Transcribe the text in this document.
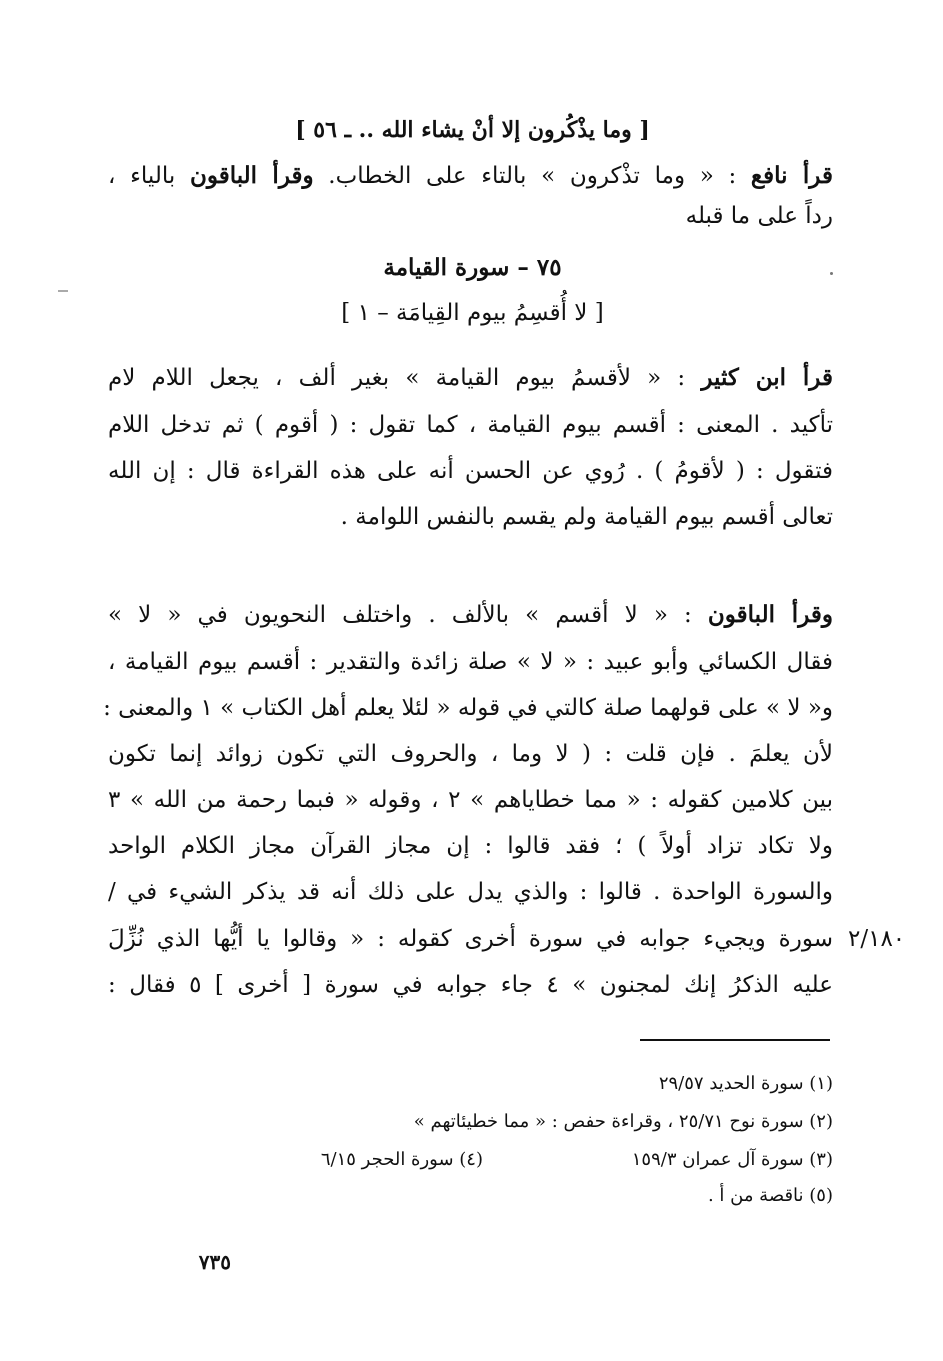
[ وما يذْكُرون إلا أنْ يشاء الله .. ـ ٥٦ ]
قرأ نافع : « وما تذْكرون » بالتاء على الخطاب. وقرأ الباقون بالياء ،
رداً على ما قبله
٧٥ – سورة القيامة
[ لا أُقسِمُ بيوم القِيامَة – ١ ]
قرأ ابن كثير : « لأقسمُ بيوم القيامة » بغير ألف ، يجعل اللام لام
تأكيد . المعنى : أقسم بيوم القيامة ، كما تقول : ( أقوم ) ثم تدخل اللام
فتقول : ( لأقومُ ) . رُوي عن الحسن أنه على هذه القراءة قال : إن الله
تعالى أقسم بيوم القيامة ولم يقسم بالنفس اللوامة .
وقرأ الباقون : « لا أقسم » بالألف . واختلف النحويون في « لا »
فقال الكسائي وأبو عبيد : « لا » صلة زائدة والتقدير : أقسم بيوم القيامة ،
و« لا » على قولهما صلة كالتي في قوله « لئلا يعلم أهل الكتاب » ١ والمعنى :
لأن يعلمَ . فإن قلت : ( لا وما ، والحروف التي تكون زوائد إنما تكون
بين كلامين كقوله : « مما خطاياهم » ٢ ، وقوله « فبما رحمة من الله » ٣
ولا تكاد تزاد أولاً ) ؛ فقد قالوا : إن مجاز القرآن مجاز الكلام الواحد
والسورة الواحدة . قالوا : والذي يدل على ذلك أنه قد يذكر الشيء في /
سورة ويجيء جوابه في سورة أخرى كقوله : « وقالوا يا أيُّها الذي نُزِّلَ
عليه الذكرُ إنك لمجنون » ٤ جاء جوابه في سورة [ أخرى ] ٥ فقال :
٢/١٨٠
(١) سورة الحديد ٢٩/٥٧
(٢) سورة نوح ٢٥/٧١ ، وقراءة حفص : « مما خطيئاتهم »
(٣) سورة آل عمران ١٥٩/٣
(٤) سورة الحجر ٦/١٥
(٥) ناقصة من أ .
٧٣٥
